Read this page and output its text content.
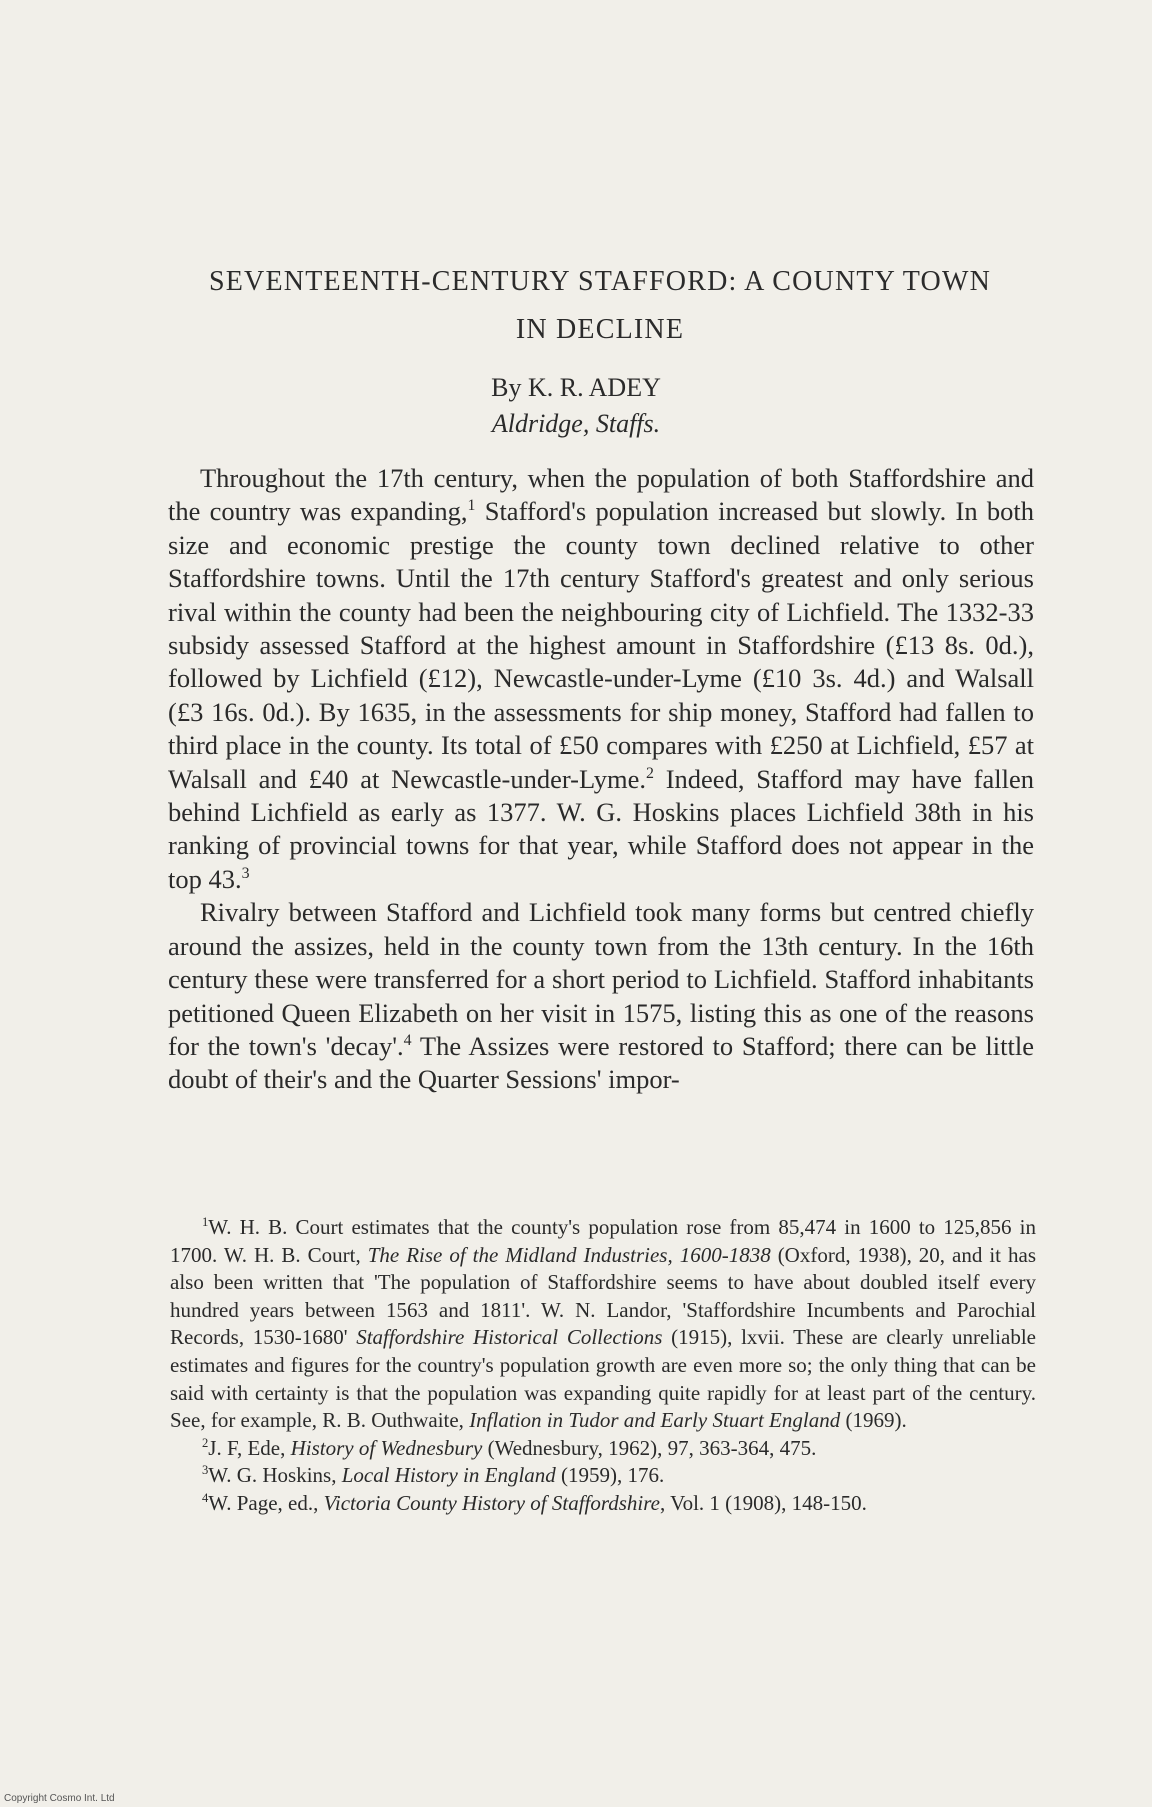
SEVENTEENTH-CENTURY STAFFORD: A COUNTY TOWN
IN DECLINE
By K. R. ADEY
Aldridge, Staffs.

Throughout the 17th century, when the population of both Staffordshire and the country was expanding,$^1$ Stafford's population increased but slowly. In both size and economic prestige the county town declined relative to other Staffordshire towns. Until the 17th century Stafford's greatest and only serious rival within the county had been the neighbouring city of Lichfield. The 1332-33 subsidy assessed Stafford at the highest amount in Staffordshire (£13 8s. 0d.), followed by Lichfield (£12), Newcastle-under-Lyme (£10 3s. 4d.) and Walsall (£3 16s. 0d.). By 1635, in the assessments for ship money, Stafford had fallen to third place in the county. Its total of £50 compares with £250 at Lichfield, £57 at Walsall and £40 at Newcastle-under-Lyme.$^2$ Indeed, Stafford may have fallen behind Lichfield as early as 1377. W. G. Hoskins places Lichfield 38th in his ranking of provincial towns for that year, while Stafford does not appear in the top 43.$^3$

Rivalry between Stafford and Lichfield took many forms but centred chiefly around the assizes, held in the county town from the 13th century. In the 16th century these were transferred for a short period to Lichfield. Stafford inhabitants petitioned Queen Elizabeth on her visit in 1575, listing this as one of the reasons for the town's 'decay'.$^4$ The Assizes were restored to Stafford; there can be little doubt of their's and the Quarter Sessions' impor-

$^1$W. H. B. Court estimates that the county's population rose from 85,474 in 1600 to 125,856 in 1700. W. H. B. Court, The Rise of the Midland Industries, 1600-1838 (Oxford, 1938), 20, and it has also been written that 'The population of Staffordshire seems to have about doubled itself every hundred years between 1563 and 1811'. W. N. Landor, 'Staffordshire Incumbents and Parochial Records, 1530-1680' Staffordshire Historical Collections (1915), lxvii. These are clearly unreliable estimates and figures for the country's population growth are even more so; the only thing that can be said with certainty is that the population was expanding quite rapidly for at least part of the century. See, for example, R. B. Outhwaite, Inflation in Tudor and Early Stuart England (1969).

$^2$J. F, Ede, History of Wednesbury (Wednesbury, 1962), 97, 363-364, 475.

$^3$W. G. Hoskins, Local History in England (1959), 176.

$^4$W. Page, ed., Victoria County History of Staffordshire, Vol. 1 (1908), 148-150.

Copyright Cosmo Int. Ltd
